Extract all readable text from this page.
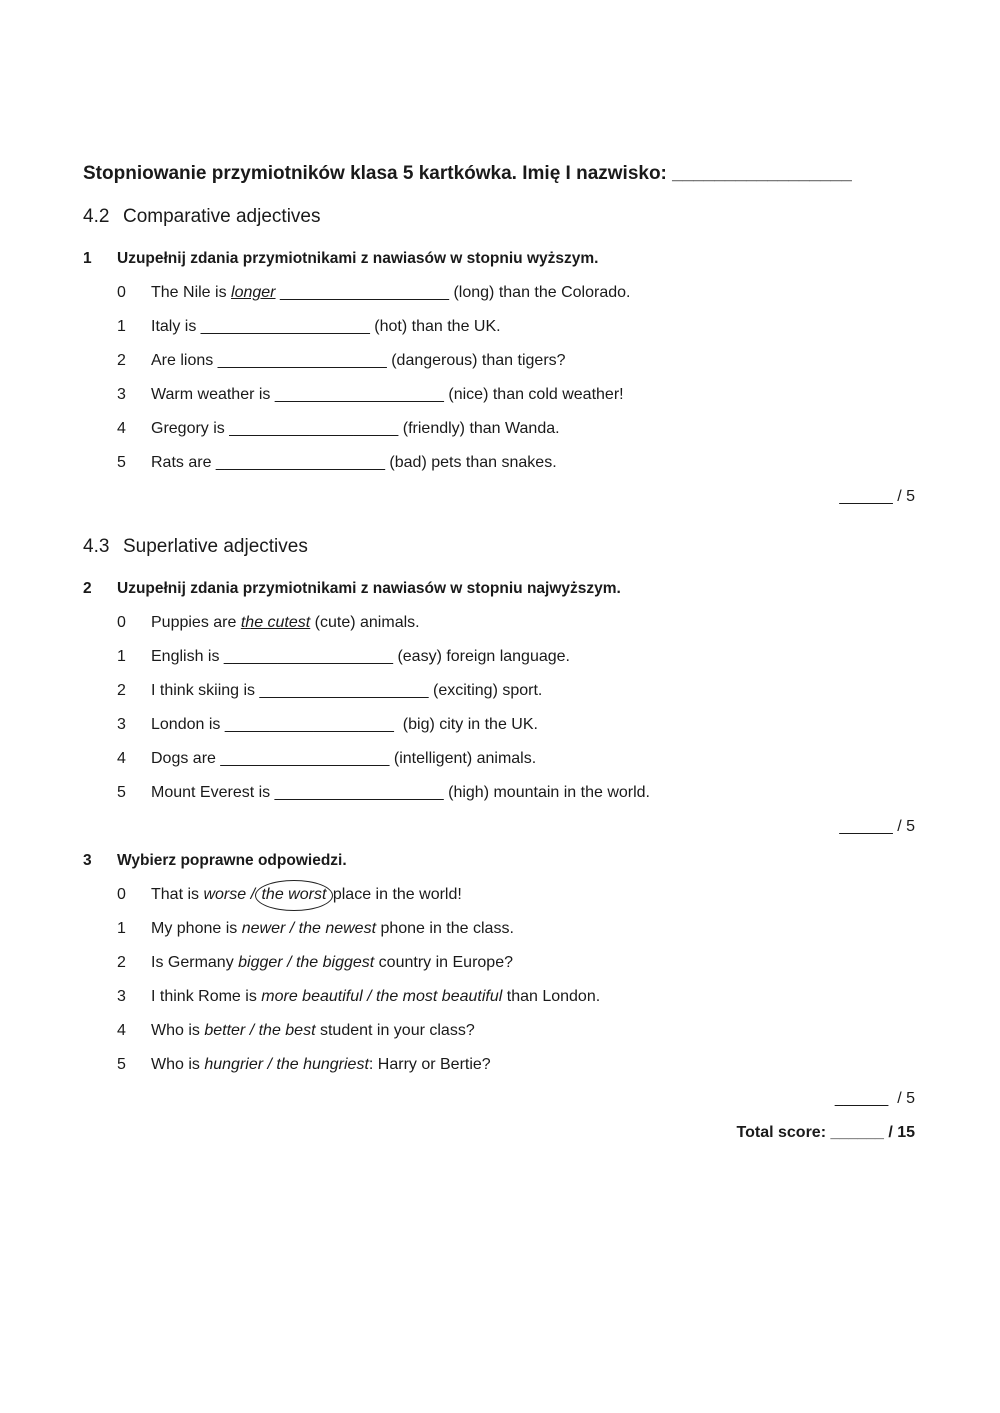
Stopniowanie przymiotników klasa 5 kartkówka. Imię I nazwisko: _________________
4.2 Comparative adjectives
1 Uzupełnij zdania przymiotnikami z nawiasów w stopniu wyższym.
0 The Nile is longer ___________________ (long) than the Colorado.
1 Italy is ___________________ (hot) than the UK.
2 Are lions ___________________ (dangerous) than tigers?
3 Warm weather is ___________________ (nice) than cold weather!
4 Gregory is ___________________ (friendly) than Wanda.
5 Rats are ___________________ (bad) pets than snakes.
______ / 5
4.3 Superlative adjectives
2 Uzupełnij zdania przymiotnikami z nawiasów w stopniu najwyższym.
0 Puppies are the cutest (cute) animals.
1 English is ___________________ (easy) foreign language.
2 I think skiing is ___________________ (exciting) sport.
3 London is ___________________  (big) city in the UK.
4 Dogs are ___________________ (intelligent) animals.
5 Mount Everest is ___________________ (high) mountain in the world.
______ / 5
3 Wybierz poprawne odpowiedzi.
0 That is worse / the worst place in the world!
1 My phone is newer / the newest phone in the class.
2 Is Germany bigger / the biggest country in Europe?
3 I think Rome is more beautiful / the most beautiful than London.
4 Who is better / the best student in your class?
5 Who is hungrier / the hungriest: Harry or Bertie?
______  / 5
Total score: ______ / 15
